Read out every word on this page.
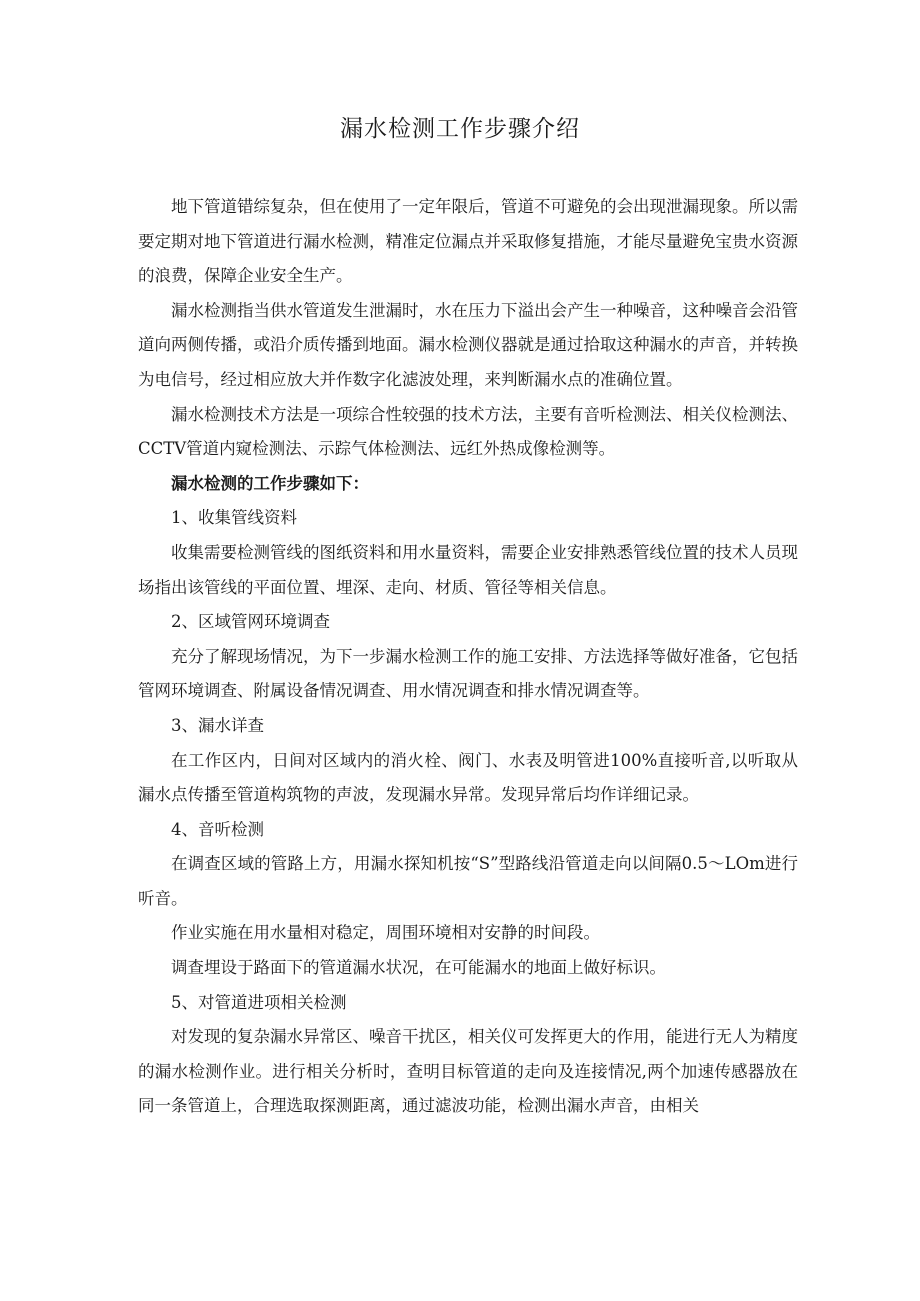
漏水检测工作步骤介绍

地下管道错综复杂，但在使用了一定年限后，管道不可避免的会出现泄漏现象。所以需要定期对地下管道进行漏水检测，精准定位漏点并采取修复措施，才能尽量避免宝贵水资源的浪费，保障企业安全生产。

漏水检测指当供水管道发生泄漏时，水在压力下溢出会产生一种噪音，这种噪音会沿管道向两侧传播，或沿介质传播到地面。漏水检测仪器就是通过拾取这种漏水的声音，并转换为电信号，经过相应放大并作数字化滤波处理，来判断漏水点的准确位置。

漏水检测技术方法是一项综合性较强的技术方法，主要有音听检测法、相关仪检测法、CCTV管道内窥检测法、示踪气体检测法、远红外热成像检测等。

漏水检测的工作步骤如下：

1、收集管线资料

收集需要检测管线的图纸资料和用水量资料，需要企业安排熟悉管线位置的技术人员现场指出该管线的平面位置、埋深、走向、材质、管径等相关信息。

2、区域管网环境调查

充分了解现场情况，为下一步漏水检测工作的施工安排、方法选择等做好准备，它包括管网环境调查、附属设备情况调查、用水情况调查和排水情况调查等。

3、漏水详查

在工作区内，日间对区域内的消火栓、阀门、水表及明管进100%直接听音,以听取从漏水点传播至管道构筑物的声波，发现漏水异常。发现异常后均作详细记录。

4、音听检测

在调查区域的管路上方，用漏水探知机按“S”型路线沿管道走向以间隔0.5～LOm进行听音。

作业实施在用水量相对稳定，周围环境相对安静的时间段。

调查埋设于路面下的管道漏水状况，在可能漏水的地面上做好标识。

5、对管道进项相关检测

对发现的复杂漏水异常区、噪音干扰区，相关仪可发挥更大的作用，能进行无人为精度的漏水检测作业。进行相关分析时，查明目标管道的走向及连接情况,两个加速传感器放在同一条管道上，合理选取探测距离，通过滤波功能，检测出漏水声音，由相关
